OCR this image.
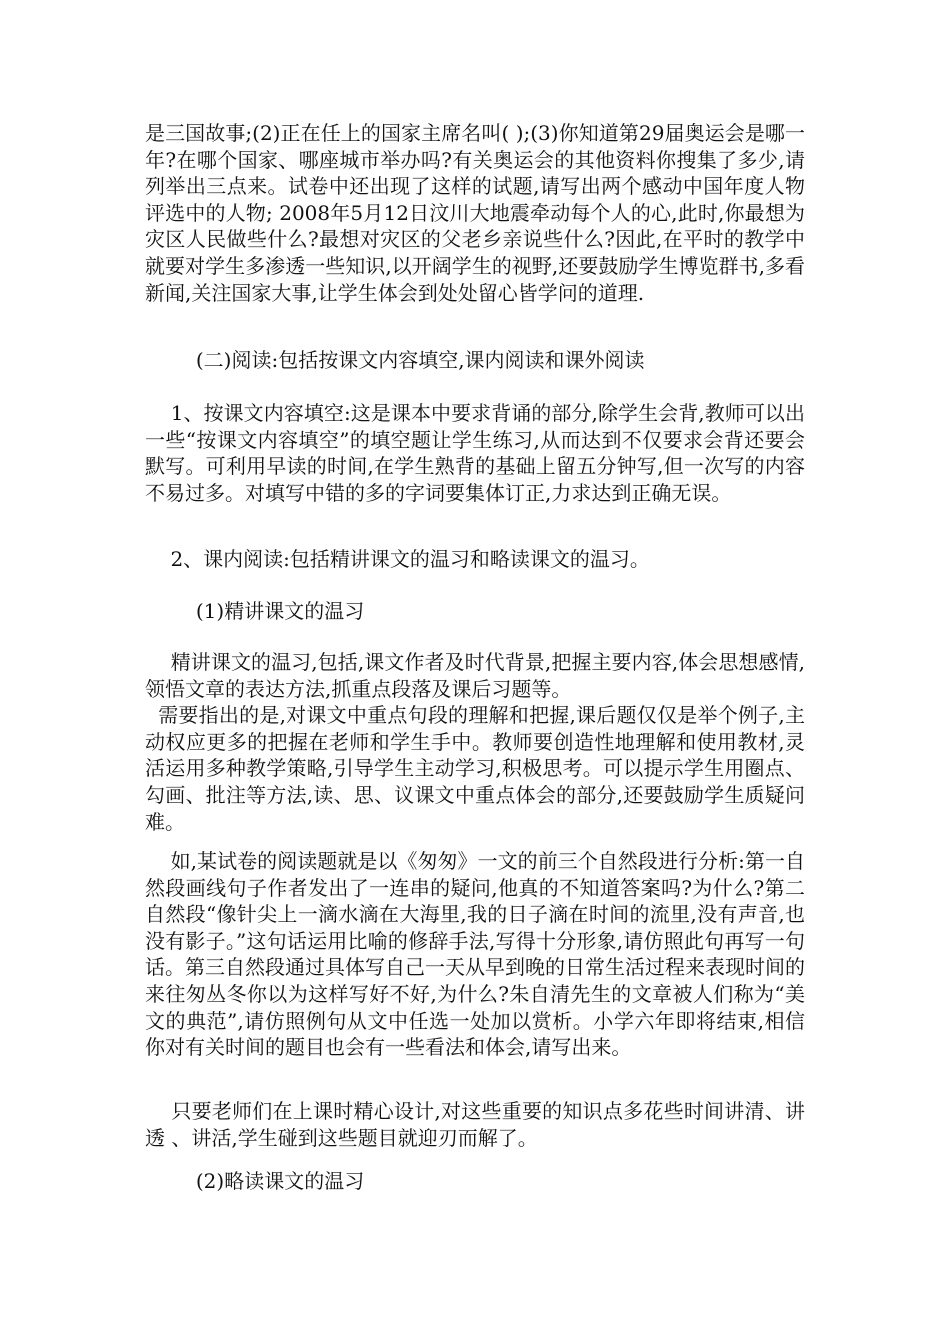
是三国故事;(2)正在任上的国家主席名叫( );(3)你知道第29届奥运会是哪一年?在哪个国家、哪座城市举办吗?有关奥运会的其他资料你搜集了多少,请列举出三点来。试卷中还出现了这样的试题,请写出两个感动中国年度人物评选中的人物; 2008年5月12日汶川大地震牵动每个人的心,此时,你最想为灾区人民做些什么?最想对灾区的父老乡亲说些什么?因此,在平时的教学中就要对学生多渗透一些知识,以开阔学生的视野,还要鼓励学生博览群书,多看新闻,关注国家大事,让学生体会到处处留心皆学问的道理.
(二)阅读:包括按课文内容填空,课内阅读和课外阅读
1、按课文内容填空:这是课本中要求背诵的部分,除学生会背,教师可以出一些“按课文内容填空”的填空题让学生练习,从而达到不仅要求会背还要会默写。可利用早读的时间,在学生熟背的基础上留五分钟写,但一次写的内容不易过多。对填写中错的多的字词要集体订正,力求达到正确无误。
2、课内阅读:包括精讲课文的温习和略读课文的温习。
(1)精讲课文的温习
精讲课文的温习,包括,课文作者及时代背景,把握主要内容,体会思想感情,领悟文章的表达方法,抓重点段落及课后习题等。
需要指出的是,对课文中重点句段的理解和把握,课后题仅仅是举个例子,主动权应更多的把握在老师和学生手中。教师要创造性地理解和使用教材,灵活运用多种教学策略,引导学生主动学习,积极思考。可以提示学生用圈点、勾画、批注等方法,读、思、议课文中重点体会的部分,还要鼓励学生质疑问难。
如,某试卷的阅读题就是以《匆匆》一文的前三个自然段进行分析:第一自然段画线句子作者发出了一连串的疑问,他真的不知道答案吗?为什么?第二自然段“像针尖上一滴水滴在大海里,我的日子滴在时间的流里,没有声音,也没有影子。”这句话运用比喻的修辞手法,写得十分形象,请仿照此句再写一句话。第三自然段通过具体写自己一天从早到晚的日常生活过程来表现时间的来往匆丛冬你以为这样写好不好,为什么?朱自清先生的文章被人们称为“美文的典范”,请仿照例句从文中任选一处加以赏析。小学六年即将结束,相信你对有关时间的题目也会有一些看法和体会,请写出来。
只要老师们在上课时精心设计,对这些重要的知识点多花些时间讲清、讲透 、讲活,学生碰到这些题目就迎刃而解了。
(2)略读课文的温习
